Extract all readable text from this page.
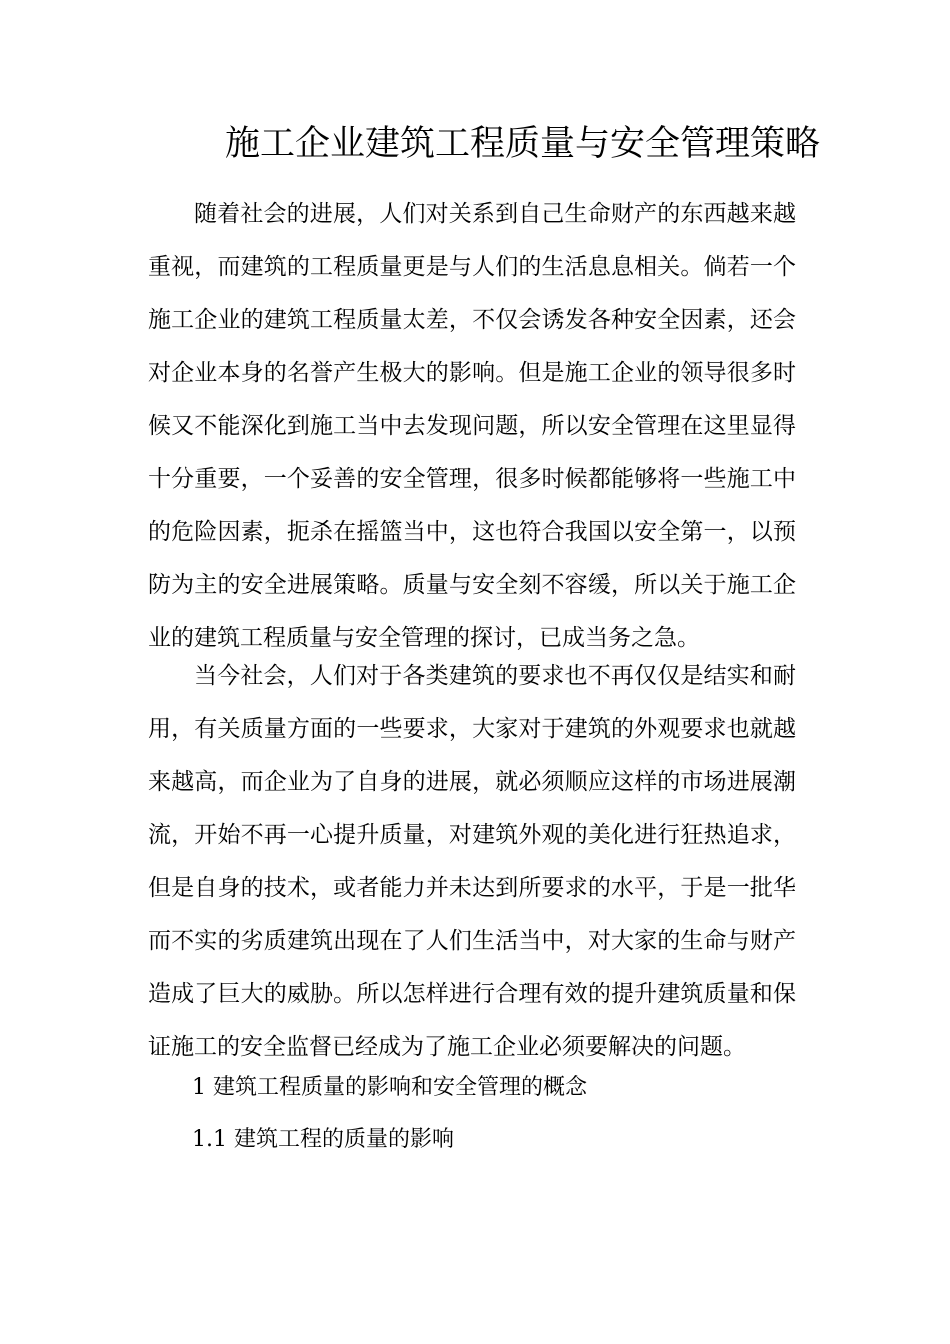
施工企业建筑工程质量与安全管理策略

随着社会的进展，人们对关系到自己生命财产的东西越来越重视，而建筑的工程质量更是与人们的生活息息相关。倘若一个施工企业的建筑工程质量太差，不仅会诱发各种安全因素，还会对企业本身的名誉产生极大的影响。但是施工企业的领导很多时候又不能深化到施工当中去发现问题，所以安全管理在这里显得十分重要，一个妥善的安全管理，很多时候都能够将一些施工中的危险因素，扼杀在摇篮当中，这也符合我国以安全第一，以预防为主的安全进展策略。质量与安全刻不容缓，所以关于施工企业的建筑工程质量与安全管理的探讨，已成当务之急。

当今社会，人们对于各类建筑的要求也不再仅仅是结实和耐用，有关质量方面的一些要求，大家对于建筑的外观要求也就越来越高，而企业为了自身的进展，就必须顺应这样的市场进展潮流，开始不再一心提升质量，对建筑外观的美化进行狂热追求，但是自身的技术，或者能力并未达到所要求的水平，于是一批华而不实的劣质建筑出现在了人们生活当中，对大家的生命与财产造成了巨大的威胁。所以怎样进行合理有效的提升建筑质量和保证施工的安全监督已经成为了施工企业必须要解决的问题。

1 建筑工程质量的影响和安全管理的概念
1.1 建筑工程的质量的影响
